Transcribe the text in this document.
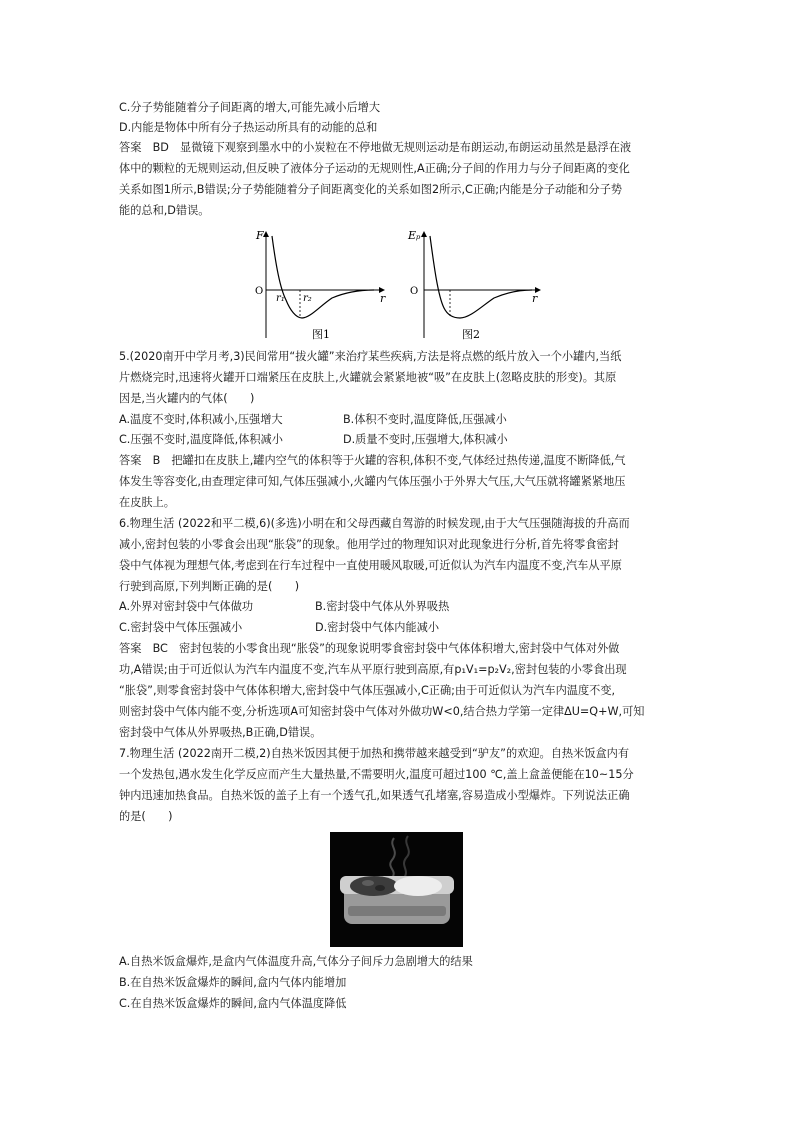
C.分子势能随着分子间距离的增大,可能先减小后增大
D.内能是物体中所有分子热运动所具有的动能的总和
答案　BD　显微镜下观察到墨水中的小炭粒在不停地做无规则运动是布朗运动,布朗运动虽然是悬浮在液
体中的颗粒的无规则运动,但反映了液体分子运动的无规则性,A正确;分子间的作用力与分子间距离的变化
关系如图1所示,B错误;分子势能随着分子间距离变化的关系如图2所示,C正确;内能是分子动能和分子势
能的总和,D错误。
F
O
r
r₁ r₂
图1
Eₚ
O
r
图2
5.(2020南开中学月考,3)民间常用“拔火罐”来治疗某些疾病,方法是将点燃的纸片放入一个小罐内,当纸
片燃烧完时,迅速将火罐开口端紧压在皮肤上,火罐就会紧紧地被“吸”在皮肤上(忽略皮肤的形变)。其原
因是,当火罐内的气体(　　)
A.温度不变时,体积减小,压强增大	B.体积不变时,温度降低,压强减小
C.压强不变时,温度降低,体积减小	D.质量不变时,压强增大,体积减小
答案　B　把罐扣在皮肤上,罐内空气的体积等于火罐的容积,体积不变,气体经过热传递,温度不断降低,气
体发生等容变化,由查理定律可知,气体压强减小,火罐内气体压强小于外界大气压,大气压就将罐紧紧地压
在皮肤上。
6.物理生活 (2022和平二模,6)(多选)小明在和父母西藏自驾游的时候发现,由于大气压强随海拔的升高而
减小,密封包装的小零食会出现“胀袋”的现象。他用学过的物理知识对此现象进行分析,首先将零食密封
袋中气体视为理想气体,考虑到在行车过程中一直使用暖风取暖,可近似认为汽车内温度不变,汽车从平原
行驶到高原,下列判断正确的是(　　)
A.外界对密封袋中气体做功	B.密封袋中气体从外界吸热
C.密封袋中气体压强减小	D.密封袋中气体内能减小
答案　BC　密封包装的小零食出现“胀袋”的现象说明零食密封袋中气体体积增大,密封袋中气体对外做
功,A错误;由于可近似认为汽车内温度不变,汽车从平原行驶到高原,有p₁V₁=p₂V₂,密封包装的小零食出现
“胀袋”,则零食密封袋中气体体积增大,密封袋中气体压强减小,C正确;由于可近似认为汽车内温度不变,
则密封袋中气体内能不变,分析选项A可知密封袋中气体对外做功W<0,结合热力学第一定律ΔU=Q+W,可知
密封袋中气体从外界吸热,B正确,D错误。
7.物理生活 (2022南开二模,2)自热米饭因其便于加热和携带越来越受到“驴友”的欢迎。自热米饭盒内有
一个发热包,遇水发生化学反应而产生大量热量,不需要明火,温度可超过100 ℃,盖上盒盖便能在10~15分
钟内迅速加热食品。自热米饭的盖子上有一个透气孔,如果透气孔堵塞,容易造成小型爆炸。下列说法正确
的是(　　)
A.自热米饭盒爆炸,是盒内气体温度升高,气体分子间斥力急剧增大的结果
B.在自热米饭盒爆炸的瞬间,盒内气体内能增加
C.在自热米饭盒爆炸的瞬间,盒内气体温度降低
